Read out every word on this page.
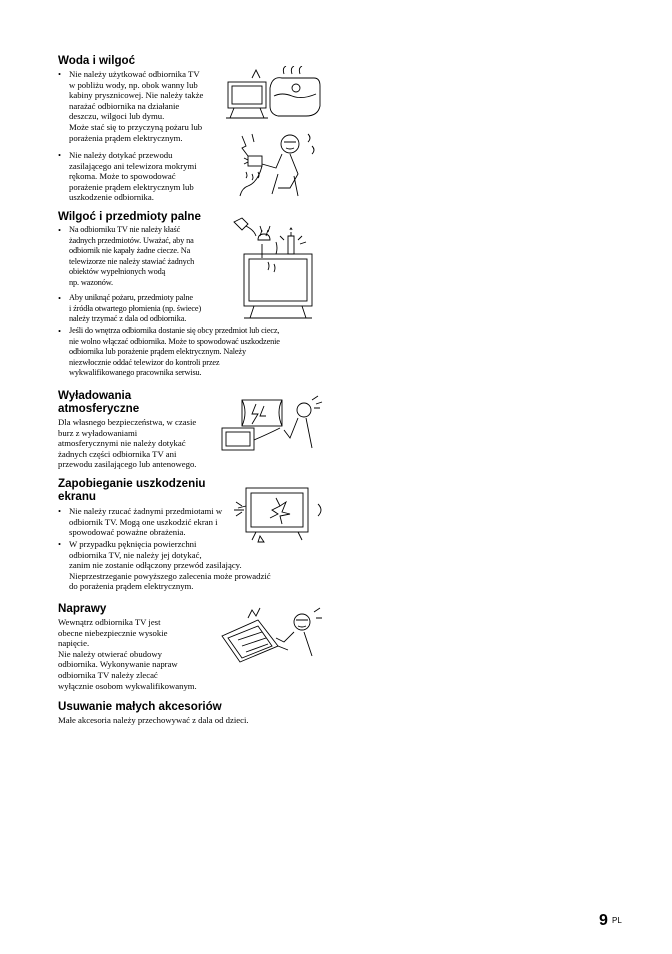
Woda i wilgoć
• Nie należy użytkować odbiornika TV
w pobliżu wody, np. obok wanny lub
kabiny prysznicowej. Nie należy także
narażać odbiornika na działanie
deszczu, wilgoci lub dymu.
Może stać się to przyczyną pożaru lub
porażenia prądem elektrycznym.
• Nie należy dotykać przewodu
zasilającego ani telewizora mokrymi
rękoma. Może to spowodować
porażenie prądem elektrycznym lub
uszkodzenie odbiornika.
Wilgoć i przedmioty palne
• Na odbiorniku TV nie należy kłaść
żadnych przedmiotów. Uważać, aby na
odbiornik nie kapały żadne ciecze. Na
telewizorze nie należy stawiać żadnych
obiektów wypełnionych wodą
np. wazonów.
• Aby uniknąć pożaru, przedmioty palne
i źródła otwartego płomienia (np. świece)
należy trzymać z dala od odbiornika.
• Jeśli do wnętrza odbiornika dostanie się obcy przedmiot lub ciecz,
nie wolno włączać odbiornika. Może to spowodować uszkodzenie
odbiornika lub porażenie prądem elektrycznym. Należy
niezwłocznie oddać telewizor do kontroli przez
wykwalifikowanego pracownika serwisu.
Wyładowania
atmosferyczne

Dla własnego bezpieczeństwa, w czasie
burz z wyładowaniami
atmosferycznymi nie należy dotykać
żadnych części odbiornika TV ani
przewodu zasilającego lub antenowego.

Zapobieganie uszkodzeniu
ekranu
• Nie należy rzucać żadnymi przedmiotami w
odbiornik TV. Mogą one uszkodzić ekran i
spowodować poważne obrażenia.
• W przypadku pęknięcia powierzchni
odbiornika TV, nie należy jej dotykać,
zanim nie zostanie odłączony przewód zasilający.
Nieprzestrzeganie powyższego zalecenia może prowadzić
do porażenia prądem elektrycznym.
Naprawy

Wewnątrz odbiornika TV jest
obecne niebezpiecznie wysokie
napięcie.
Nie należy otwierać obudowy
odbiornika. Wykonywanie napraw
odbiornika TV należy zlecać
wyłącznie osobom wykwalifikowanym.

Usuwanie małych akcesoriów

Małe akcesoria należy przechowywać z dala od dzieci.

9 PL
